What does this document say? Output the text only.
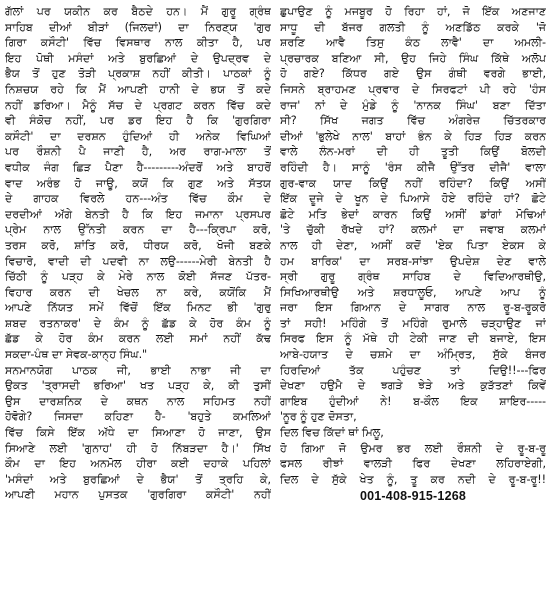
ਗੱਲਾਂ ਪਰ ਯਕੀਨ ਕਰ ਬੈਠਦੇ ਹਨ। ਮੈਂ ਗੁਰੂ ਗ੍ਰੰਥ
ਸਾਹਿਬ ਦੀਆਂ ਬੀੜਾਂ (ਜਿਲਦਾਂ) ਦਾ ਨਿਰਣ੍ਯ 'ਗੁਰ
ਗਿਰਾ ਕਸੌਟੀ' ਵਿੱਚ ਵਿਸਥਾਰ ਨਾਲ ਕੀਤਾ ਹੈ, ਪਰ
ਇਹ ਪੋਥੀ ਮਸੰਦਾਂ ਅਤੇ ਬੁਰਛਿਆਂ ਦੇ ਉਪਦ੍ਰਵ ਦੇ
ਭੈਯ ਤੋਂ ਹੁਣ ਤੋੜੀ ਪ੍ਰਕਾਸ਼ ਨਹੀਂ ਕੀਤੀ। ਪਾਠਕਾਂ ਨੂੰ
ਨਿਸ਼ਚਯ ਰਹੇ ਕਿ ਮੈਂ ਆਪਣੀ ਹਾਨੀ ਦੇ ਭਯ ਤੋਂ ਕਦੇ
ਨਹੀਂ ਡਰਿਆ। ਮੈਨੂੰ ਸੱਚ ਦੇ ਪ੍ਰਗਟ ਕਰਨ ਵਿੱਚ ਕਦੇ
ਵੀ ਸੰਕੋਚ ਨਹੀਂ, ਪਰ ਡਰ ਇਹ ਹੈ ਕਿ 'ਗੁਰਗਿਰਾ
ਕਸੌਟੀ' ਦਾ ਦਰਸ਼ਨ ਹੁੰਦਿਆਂ ਹੀ ਅਨੇਕ ਵਿਘਿਆਂ
ਪਰ ਰੌਸ਼ਨੀ ਪੈ ਜਾਣੀ ਹੈ, ਅਰ ਰਾਗ-ਮਾਲਾ ਤੋਂ
ਵਧੀਕ ਜੰਗ ਛਿੜ ਪੈਣਾ ਹੈ---------ਅੰਦਰੋਂ ਅਤੇ ਬਾਹਰੋਂ
ਵਾਦ ਅਰੰਭ ਹੋ ਜਾਊ, ਕਯੋਂ ਕਿ ਗੁਣ ਅਤੇ ਸੱਤਯ
ਦੇ ਗਾਹਕ ਵਿਰਲੇ ਹਨ---ਅੰਤ ਵਿੱਚ ਕੌਮ ਦੇ
ਦਰਦੀਆਂ ਅੱਗੇ ਬੇਨਤੀ ਹੈ ਕਿ ਇਹ ਜਮਾਨਾ ਪ੍ਰਸਪਰ
ਪ੍ਰੇਮ ਨਾਲ ਉੱਨਤੀ ਕਰਨ ਦਾ ਹੈ---ਕ੍ਰਿਪਾ ਕਰੋ,
ਤਰਸ ਕਰੋ, ਸ਼ਾਂਤਿ ਕਰੋ, ਧੀਰਯ ਕਰੋ, ਖੋਜੀ ਬਣਕੇ
ਵਿਚਾਰੋ, ਵਾਦੀ ਦੀ ਪਦਵੀ ਨਾ ਲਉ------ਮੇਰੀ ਬੇਨਤੀ ਹੈ
ਚਿੱਠੀ ਨੂੰ ਪੜ੍ਹ ਕੇ ਮੇਰੇ ਨਾਲ ਕੋਈ ਸੱਜਣ ਪੱਤਰ-
ਵਿਹਾਰ ਕਰਨ ਦੀ ਖੇਚਲ ਨਾ ਕਰੇ, ਕਯੋਂਕਿ ਮੈਂ
ਆਪਣੇ ਨਿੱਯਤ ਸਮੇਂ ਵਿੱਚੋਂ ਇੱਕ ਮਿਨਟ ਭੀ 'ਗੁਰੁ
ਸ਼ਬਦ ਰਤਨਾਕਰ' ਦੇ ਕੰਮ ਨੂੰ ਛੱਡ ਕੇ ਹੋਰ ਕੰਮ ਨੂੰ
ਛੱਡ ਕੇ ਹੋਰ ਕੰਮ ਕਰਨ ਲਈ ਸਮਾਂ ਨਹੀਂ ਕੱਢ
ਸਕਦਾ-ਪੰਥ ਦਾ ਸੇਵਕ-ਕਾਨ੍ਹ ਸਿੰਘ."
ਸਨਮਾਨਯੋਗ ਪਾਠਕ ਜੀ, ਭਾਈ ਨਾਭਾ ਜੀ ਦਾ
ਉਕਤ 'ਤ੍ਰਾਸਦੀ ਭਰਿਆ' ਖਤ ਪੜ੍ਹ ਕੇ, ਕੀ ਤੁਸੀਂ
ਉਸ ਦਾਰਸ਼ਨਿਕ ਦੇ ਕਥਨ ਨਾਲ ਸਹਿਮਤ ਨਹੀਂ
ਹੋਵੋਗੇ? ਜਿਸਦਾ ਕਹਿਣਾ ਹੈ- 'ਬਹੁਤੇ ਕਮਲਿਆਂ
ਵਿੱਚ ਕਿਸੇ ਇੱਕ ਅੱਧੇ ਦਾ ਸਿਆਣਾ ਹੋ ਜਾਣਾ, ਉਸ
ਸਿਆਣੇ ਲਈ 'ਗੁਨਾਹ' ਹੀ ਹੋ ਨਿੱਬੜਦਾ ਹੈ।' ਸਿੱਖ
ਕੌਮ ਦਾ ਇਹ ਅਨਮੋਲ ਹੀਰਾ ਕਈ ਦਹਾਕੇ ਪਹਿਲਾਂ
'ਮਸੰਦਾਂ ਅਤੇ ਬੁਰਛਿਆਂ ਦੇ ਭੈਯ' ਤੋਂ ਤ੍ਰਹਿ ਕੇ,
ਆਪਣੀ ਮਹਾਨ ਪੁਸਤਕ 'ਗੁਰਗਿਰਾ ਕਸੌਟੀ' ਨਹੀਂ
ਛੁਪਾਉਣ ਨੂੰ ਮਜਬੂਰ ਹੋ ਰਿਹਾ ਹਾਂ, ਜੋ ਇੱਕ ਅਣਜਾਣ
ਸਾਧੂ ਦੀ ਬੱਜਰ ਗਲਤੀ ਨੂੰ ਅਣਡਿੱਠ ਕਰਕੇ 'ਜੋ
ਸ਼ਰਣਿ ਆਵੈ ਤਿਸੁ ਕੰਠ ਲਾਵੈ' ਦਾ ਅਮਲੀ-
ਪ੍ਰਚਾਰਕ ਬਣਿਆ ਸੀ, ਉਹ ਜਿਹੇ ਸਿੰਘ ਕਿੱਥੇ ਅਲੋਪ
ਹੋ ਗਏ? ਕਿੱਧਰ ਗਏ ਉਸ ਗੰਥੀ ਵਰਗੇ ਭਾਈ,
ਜਿਸਨੇ ਬ੍ਰਾਹਮਣ ਪ੍ਰਵਾਰ ਦੇ ਸਿਰਫਟਾਂ ਪੀ ਰਹੇ 'ਹੰਸ
ਰਾਜ' ਨਾਂ ਦੇ ਮੁੰਡੇ ਨੂੰ 'ਨਾਨਕ ਸਿੰਘ' ਬਣਾ ਦਿੱਤਾ
ਸੀ? ਸਿੱਖ ਜਗਤ ਵਿੱਚ ਅੰਗਰੇਜ਼ ਚਿੱਤਰਕਾਰ
ਦੀਆਂ 'ਭੁਲੇਖੇ ਨਾਲ' ਬਾਹਾਂ ਭੰਨ ਕੇ ਹਿੜ ਹਿੜ ਕਰਨ
ਵਾਲੇ ਲੰਨ-ਮਰਾਂ ਦੀ ਹੀ ਤੂਤੀ ਕਿਉਂ ਬੋਲਦੀ
ਰਹਿੰਦੀ ਹੈ। ਸਾਨੂੰ 'ਰੰਸ ਕੀਜੈ ਉੱਤਰ ਦੀਜੈ' ਵਾਲਾ
ਗੁਰ-ਵਾਕ ਯਾਦ ਕਿਉਂ ਨਹੀਂ ਰਹਿੰਦਾ? ਕਿਉਂ ਅਸੀਂ
ਇੱਕ ਦੂਜੇ ਦੇ ਖੂਨ ਦੇ ਪਿਆਸੇ ਹੋਏ ਰਹਿੰਦੇ ਹਾਂ? ਛੋਟੇ
ਛੋਟੇ ਮਤਿ ਭੇਦਾਂ ਕਾਰਨ ਕਿਉਂ ਅਸੀਂ ਡਾਂਗਾਂ ਮੋਢਿਆਂ
'ਤੇ ਚੁੱਕੀ ਰੱਖਦੇ ਹਾਂ? ਕਲਮਾਂ ਦਾ ਜਵਾਬ ਕਲਮਾਂ
ਨਾਲ ਹੀ ਦੇਣਾ, ਅਸੀਂ ਕਦੋਂ 'ਏਕ ਪਿਤਾ ਏਕਸ ਕੇ
ਹਮ ਬਾਰਿਕ' ਦਾ ਸਰਬ-ਸਾਂਝਾ ਉਪਦੇਸ਼ ਦੇਣ ਵਾਲੇ
ਸ੍ਰੀ ਗੁਰੂ ਗ੍ਰੰਥ ਸਾਹਿਬ ਦੇ ਵਿਦਿਆਰਥੀਉ,
ਸਿਖਿਆਰਥੀਉ ਅਤੇ ਸ਼ਰਧਾਲੂਓ, ਆਪਣੇ ਆਪ ਨੂੰ
ਜਰਾ ਇਸ ਗਿਆਨ ਦੇ ਸਾਗਰ ਨਾਲ ਰੂ-ਬ-ਰੂਕਰੋ
ਤਾਂ ਸਹੀ! ਮਹਿੰਗੇ ਤੋਂ ਮਹਿੰਗੇ ਰੁਮਾਲੇ ਚੜ੍ਹਾਉਣ ਜਾਂ
ਸਿਰਫ ਇਸ ਨੂੰ ਮੱਥੇ ਹੀ ਟੇਕੀ ਜਾਣ ਦੀ ਬਜਾਏ, ਇਸ
ਆਬੇ-ਹਯਾਤ ਦੇ ਚਸ਼ਮੇ ਦਾ ਅੰਮ੍ਰਿਤ, ਸੁੱਕੇ ਬੰਜਰ
ਹਿਰਦਿਆਂ ਤੱਕ ਪਹੁੰਚਣ ਤਾਂ ਦਿਉ!!---ਫਿਰ
ਦੇਖਣਾ ਹਉਮੈ ਦੇ ਝਗੜੇ ਝੇੜੇ ਅਤੇ ਕੁੜੱਤਣਾਂ ਕਿਵੇਂ
ਗਾਇਬ ਹੁੰਦੀਆਂ ਨੇ! ਬ-ਕੌਲ ਇਕ ਸ਼ਾਇਰ-----
'ਨੂਰ ਨੂੰ ਹੁਣ ਦੋਸਤਾ,
ਦਿਲ ਵਿਚ ਕਿੱਦਾਂ ਥਾਂ ਮਿਲੂ,
ਹੋ ਗਿਆ ਜੋ ਉਮਰ ਭਰ ਲਈ ਰੌਸ਼ਨੀ ਦੇ ਰੂ-ਬ-ਰੂ
ਫਸਲ ਰੀਝਾਂ ਵਾਲੜੀ ਫਿਰ ਦੇਖਣਾ ਲਹਿਰਾਏਗੀ,
ਦਿਲ ਦੇ ਸੁੱਕੇ ਖੇਤ ਨੂੰ, ਤੂ ਕਰ ਨਦੀ ਦੇ ਰੂ-ਬ-ਰੂ!!
001-408-915-1268
